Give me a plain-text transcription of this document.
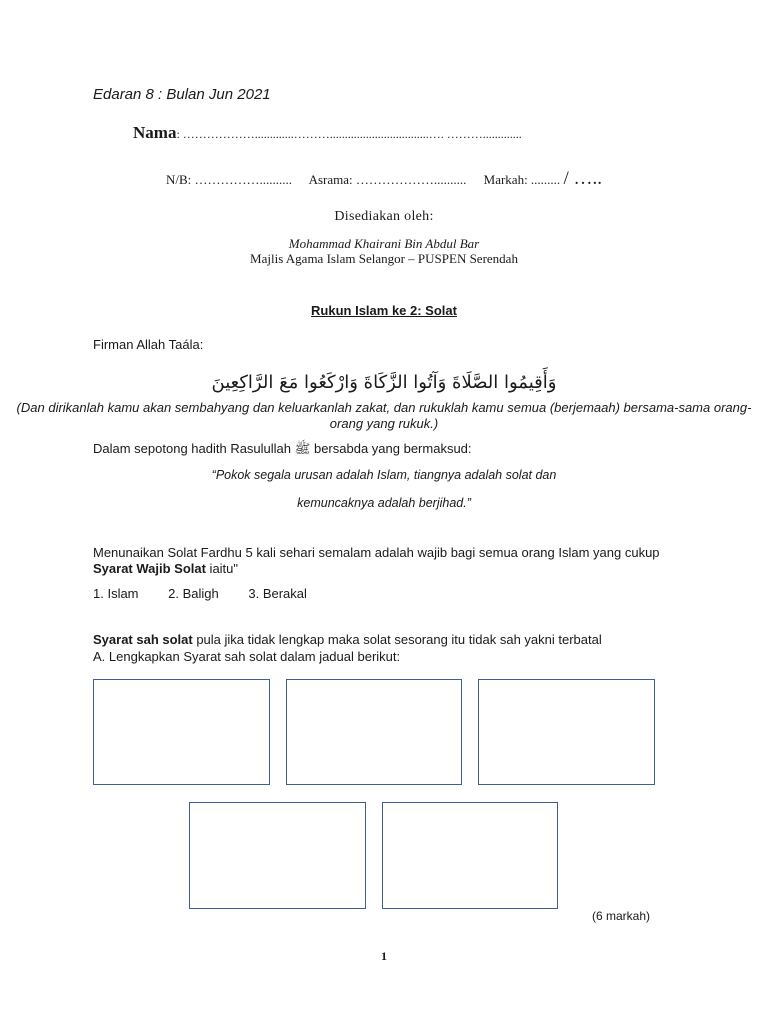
Edaran 8 : Bulan Jun 2021
Nama: ……………….............……….................................…. ……….............
N/B: …………….......... Asrama: ……………….......... Markah: ......... / …..
Disediakan oleh:
Mohammad Khairani Bin Abdul Bar
Majlis Agama Islam Selangor – PUSPEN Serendah
Rukun Islam ke 2: Solat
Firman Allah Taála:
وَأَقِيمُوا الصَّلَاةَ وَآتُوا الزَّكَاةَ وَارْكَعُوا مَعَ الرَّاكِعِينَ
(Dan dirikanlah kamu akan sembahyang dan keluarkanlah zakat, dan rukuklah kamu semua (berjemaah) bersama-sama orang-orang yang rukuk.)
Dalam sepotong hadith Rasulullah ﷺ bersabda yang bermaksud:
“Pokok segala urusan adalah Islam, tiangnya adalah solat dan
kemuncaknya adalah berjihad.”
Menunaikan Solat Fardhu 5 kali sehari semalam adalah wajib bagi semua orang Islam yang cukup Syarat Wajib Solat iaitu"
1. Islam 2. Baligh 3. Berakal
Syarat sah solat pula jika tidak lengkap maka solat sesorang itu tidak sah yakni terbatal
A. Lengkapkan Syarat sah solat dalam jadual berikut:
(6 markah)
1
